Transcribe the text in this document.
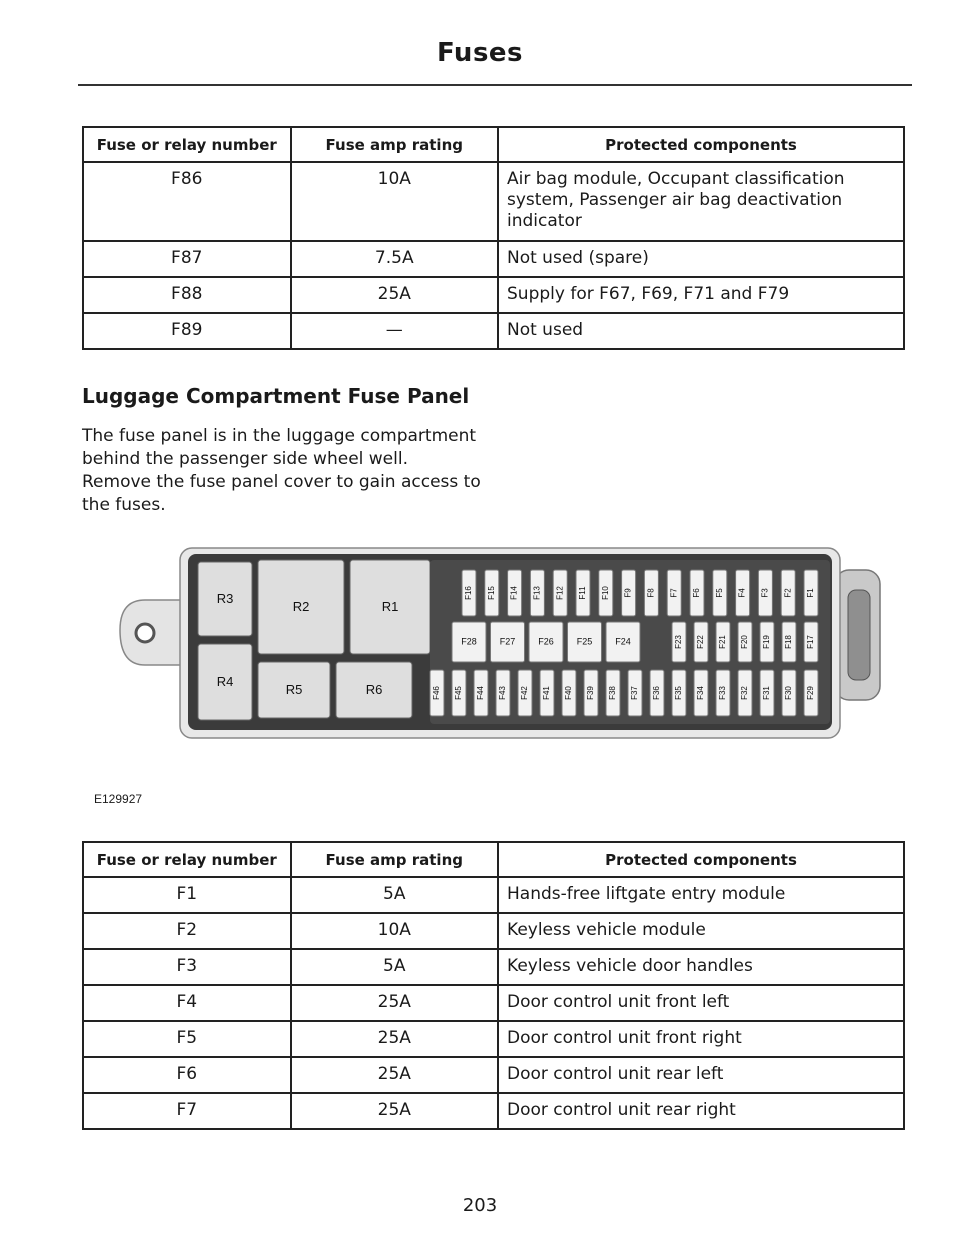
Fuses
Fuse or relay number	Fuse amp rating	Protected components
F86	10A	Air bag module, Occupant classification system, Passenger air bag deactivation indicator
F87	7.5A	Not used (spare)
F88	25A	Supply for F67, F69, F71 and F79
F89	—	Not used
Luggage Compartment Fuse Panel

The fuse panel is in the luggage compartment behind the passenger side wheel well. Remove the fuse panel cover to gain access to the fuses.

R3
R2	R1
R4
R5	R6
F16 F15 F14 F13 F12 F11 F10 F9 F8 F7 F6 F5 F4 F3 F2 F1
F28	F27	F26	F25	F24	F23 F22 F21 F20 F19 F18 F17
F46 F45 F44 F43 F42 F41 F40 F39 F38 F37 F36 F35 F34 F33 F32 F31 F30 F29
E129927
Fuse or relay number	Fuse amp rating	Protected components
F1	5A	Hands-free liftgate entry module
F2	10A	Keyless vehicle module
F3	5A	Keyless vehicle door handles
F4	25A	Door control unit front left
F5	25A	Door control unit front right
F6	25A	Door control unit rear left
F7	25A	Door control unit rear right
203
